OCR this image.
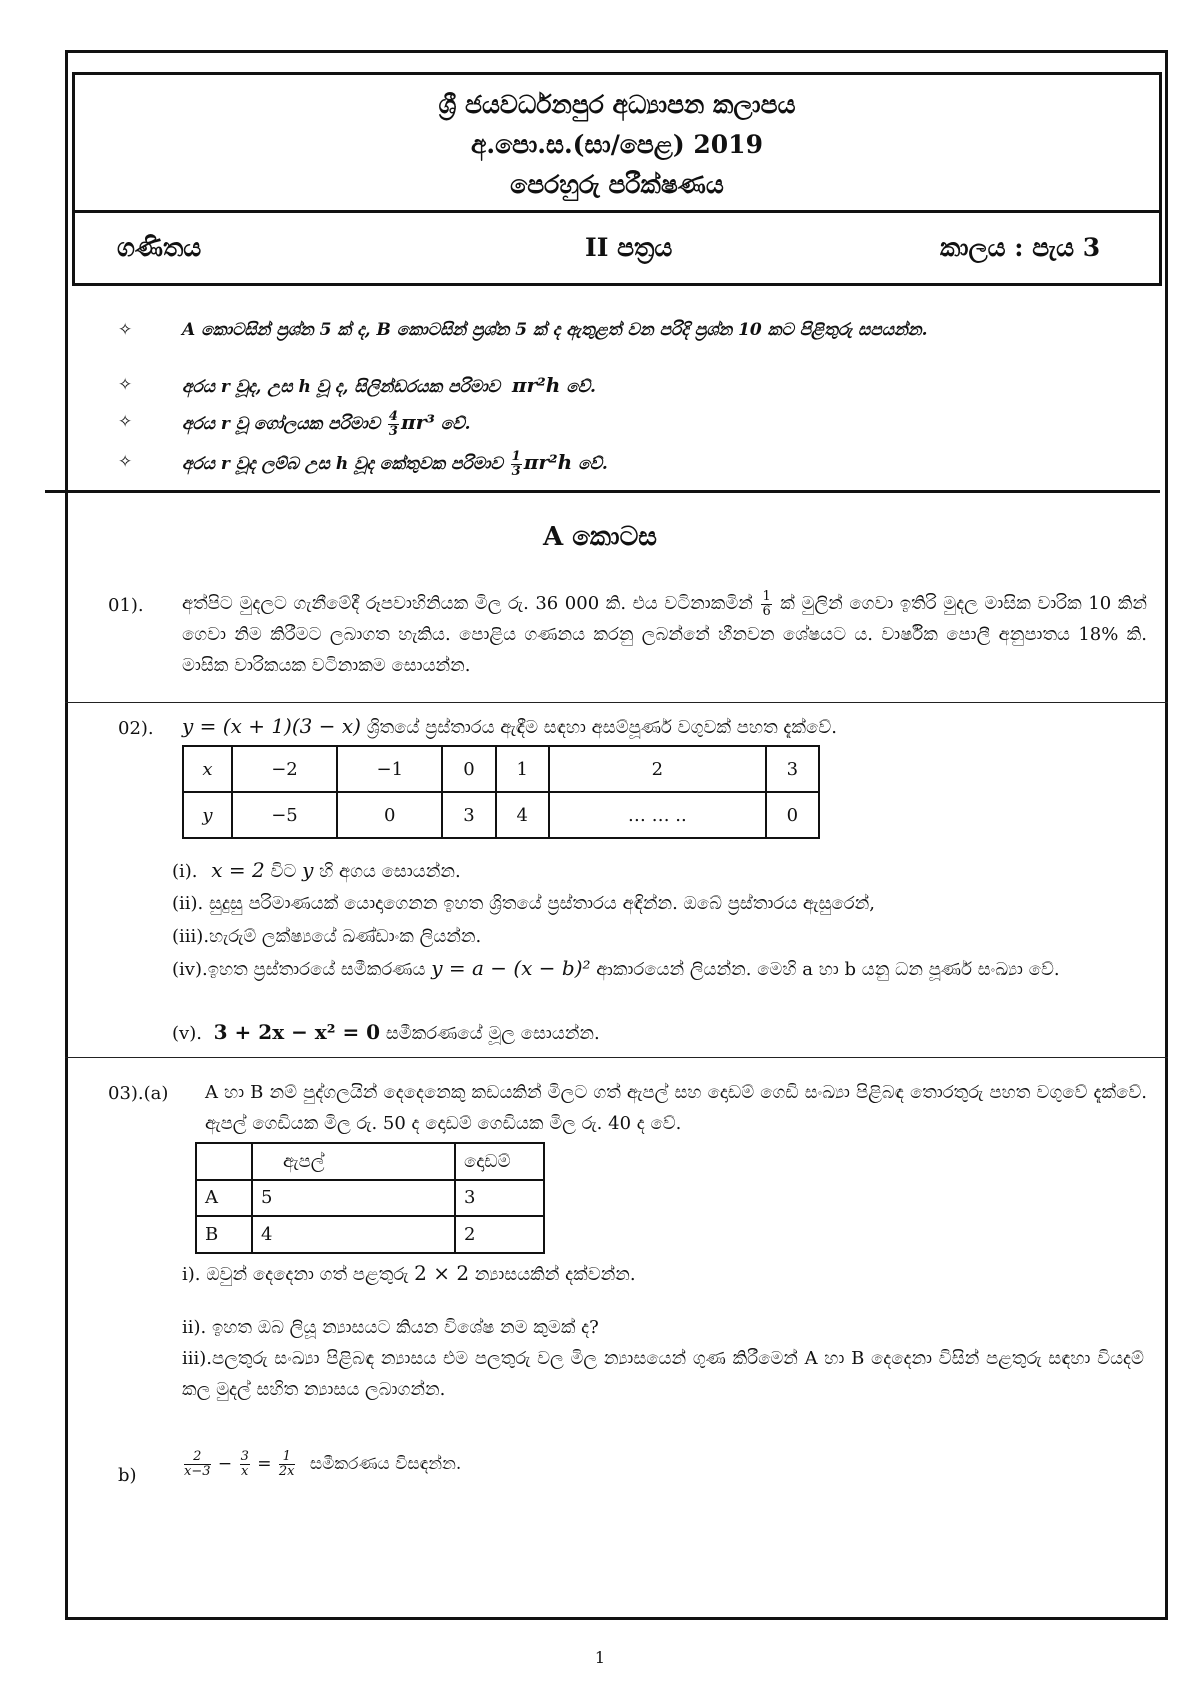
ශ්‍රී ජයවර්ධනපුර අධ්‍යාපන කලාපය
අ.පො.ස.(සා/පෙළ) 2019
පෙරහුරු පරීක්ෂණය
ගණිතය	II පත්‍රය	කාලය : පැය 3
✧	A කොටසින් ප්‍රශ්න 5 ක් ද, B කොටසින් ප්‍රශ්න 5 ක් ද ඇතුළත් වන පරිදි ප්‍රශ්න 10 කට පිළිතුරු සපයන්න.
✧	අරය r වූද, උස h වූ ද, සිලින්ඩරයක පරිමාව πr²h වේ.
✧	අරය r වූ ගෝලයක පරිමාව $\frac{4}{3} \pi r^3$ වේ.
✧	අරය r වූද ලම්බ උස h වූද කේතුවක පරිමාව $\frac{1}{3} \pi r^2h$ වේ.
A කොටස
01). අත්පිට මුදලට ගැනීමේදී රූපවාහිනියක මිල රු. 36 000 කි. එය වටිනාකමින් $\frac{1}{6}$ ක් මුලින් ගෙවා ඉතිරි මුදල මාසික වාරික 10 කින් ගෙවා නිම කිරීමට ලබාගත හැකිය. පොළිය ගණනය කරනු ලබන්නේ හීනවන ශේෂයට ය. වාර්ෂික පොලී අනුපාතය 18% කි. මාසික වාරිකයක වටිනාකම සොයන්න.
02). y = (x + 1)(3 − x) ශ්‍රිතයේ ප්‍රස්තාරය ඇඳීම සඳහා අසම්පූර්ණ වගුවක් පහත දැක්වේ.
x	−2	−1	0	1	2	3
y	−5	0	3	4	… … ..	0
(i). x = 2 විට y හි අගය සොයන්න.
(ii). සුදුසු පරිමාණයක් යොදාගෙනන ඉහත ශ්‍රිතයේ ප්‍රස්තාරය අඳින්න. ඔබේ ප්‍රස්තාරය ඇසුරෙන්,
(iii).හැරුම් ලක්ෂ්‍යයේ ඛණ්ඩාංක ලියන්න.
(iv).ඉහත ප්‍රස්තාරයේ සමීකරණය y = a − (x − b)² ආකාරයෙන් ලියන්න. මෙහි a හා b යනු ධන පූර්ණ සංඛ්‍යා වේ.
(v). 3 + 2x − x² = 0 සමීකරණයේ මූල සොයන්න.
03).(a) A හා B නම් පුද්ගලයින් දෙදෙනෙකු කඩයකින් මිලට ගත් ඇපල් සහ දොඩම් ගෙඩි සංඛ්‍යා පිළිබඳ තොරතුරු පහත වගුවේ දැක්වේ. ඇපල් ගෙඩියක මිල රු. 50 ද දොඩම් ගෙඩියක මිල රු. 40 ද වේ.
	ඇපල්	දොඩම්
A	5	3
B	4	2
i). ඔවුන් දෙදෙනා ගත් පළතුරු 2 × 2 න්‍යාසයකින් දක්වන්න.
ii). ඉහත ඔබ ලියූ න්‍යාසයට කියන විශේෂ නම කුමක් ද?
iii).පලතුරු සංඛ්‍යා පිළිබඳ න්‍යාසය එම පලතුරු වල මිල න්‍යාසයෙන් ගුණ කිරීමෙන් A හා B දෙදෙනා විසින් පළතුරු සඳහා වියදම් කල මුදල් සහිත න්‍යාසය ලබාගන්න.
b)	$\frac{2}{x-3} - \frac{3}{x} = \frac{1}{2x}$ සමීකරණය විසඳන්න.
1
